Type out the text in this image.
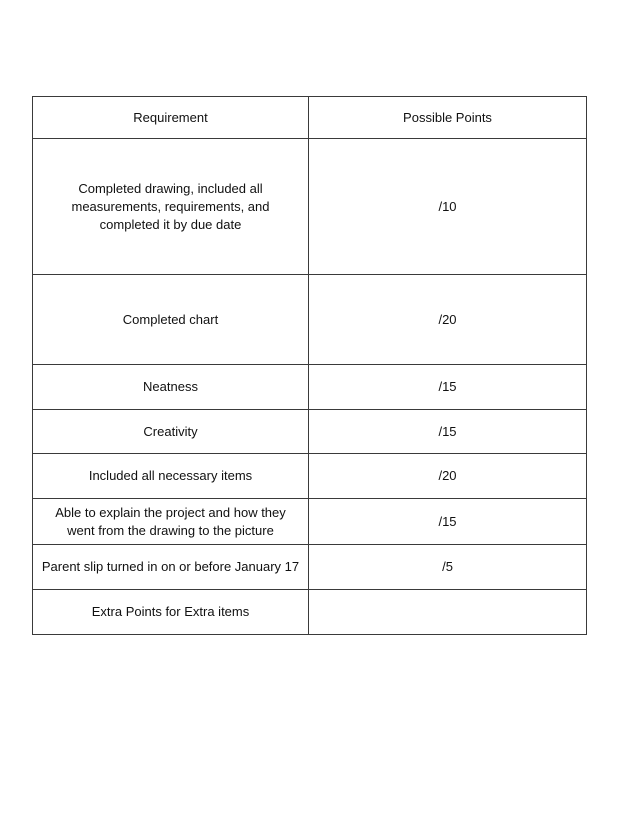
Requirement	Possible Points
Completed drawing, included all
measurements, requirements, and
completed it by due date	/10
Completed chart	/20
Neatness	/15
Creativity	/15
Included all necessary items	/20
Able to explain the project and how they
went from the drawing to the picture	/15
Parent slip turned in on or before January 17	/5
Extra Points for Extra items	
